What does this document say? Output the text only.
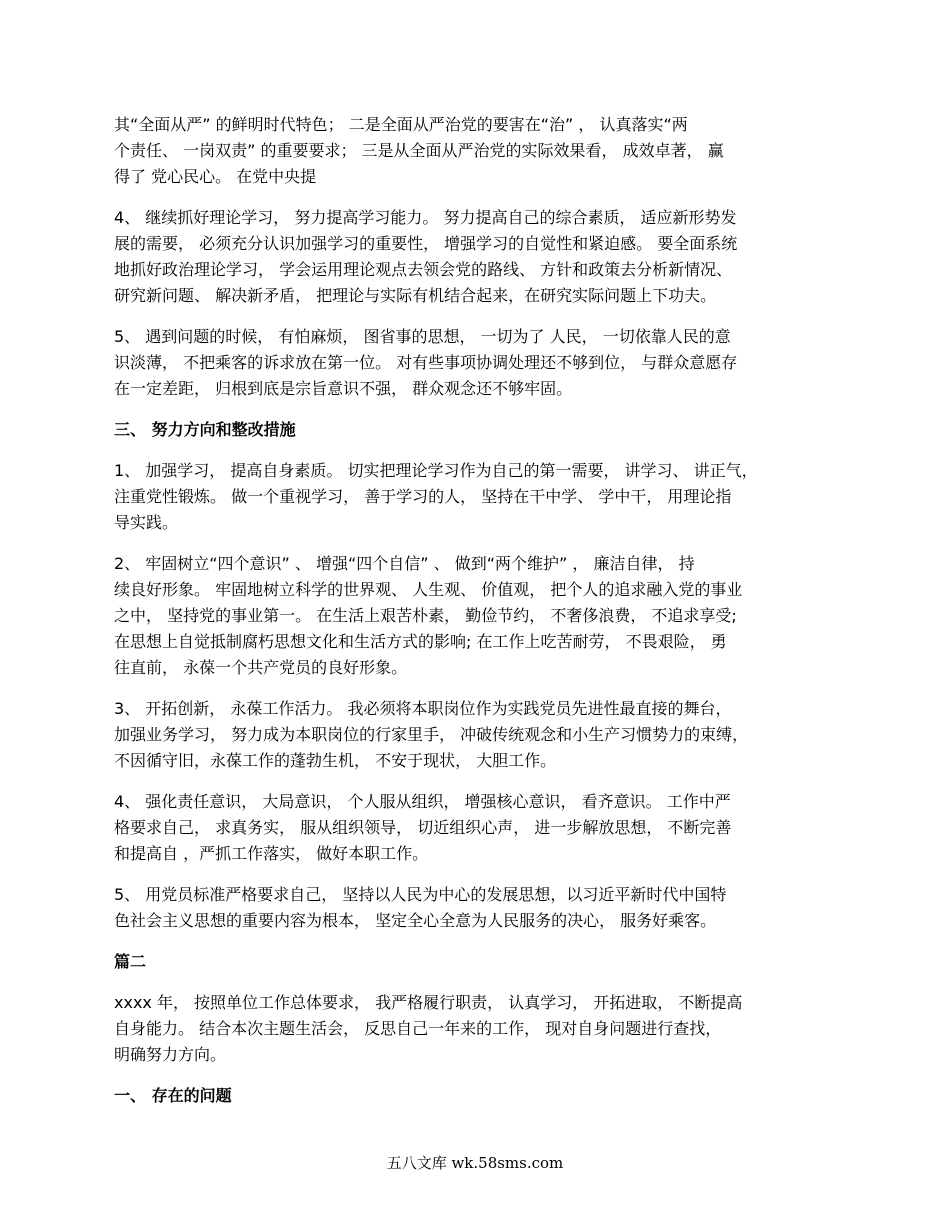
其“全面从严” 的鲜明时代特色； 二是全面从严治党的要害在“治” ， 认真落实“两
个责任、 一岗双责” 的重要要求； 三是从全面从严治党的实际效果看， 成效卓著， 赢
得了 党心民心。 在党中央提
4、 继续抓好理论学习， 努力提高学习能力。 努力提高自己的综合素质， 适应新形势发
展的需要， 必须充分认识加强学习的重要性， 增强学习的自觉性和紧迫感。 要全面系统
地抓好政治理论学习， 学会运用理论观点去领会党的路线、 方针和政策去分析新情况、
研究新问题、 解决新矛盾， 把理论与实际有机结合起来，在研究实际问题上下功夫。
5、 遇到问题的时候， 有怕麻烦， 图省事的思想， 一切为了 人民， 一切依靠人民的意
识淡薄， 不把乘客的诉求放在第一位。 对有些事项协调处理还不够到位， 与群众意愿存
在一定差距， 归根到底是宗旨意识不强， 群众观念还不够牢固。
三、 努力方向和整改措施
1、 加强学习， 提高自身素质。 切实把理论学习作为自己的第一需要， 讲学习、 讲正气，
注重党性锻炼。 做一个重视学习， 善于学习的人， 坚持在干中学、 学中干， 用理论指
导实践。
2、 牢固树立“四个意识” 、 增强“四个自信” 、 做到“两个维护” ， 廉洁自律， 持
续良好形象。 牢固地树立科学的世界观、 人生观、 价值观， 把个人的追求融入党的事业
之中， 坚持党的事业第一。 在生活上艰苦朴素， 勤俭节约， 不奢侈浪费， 不追求享受;
在思想上自觉抵制腐朽思想文化和生活方式的影响; 在工作上吃苦耐劳， 不畏艰险， 勇
往直前， 永葆一个共产党员的良好形象。
3、 开拓创新， 永葆工作活力。 我必须将本职岗位作为实践党员先进性最直接的舞台，
加强业务学习， 努力成为本职岗位的行家里手， 冲破传统观念和小生产习惯势力的束缚，
不因循守旧，永葆工作的蓬勃生机， 不安于现状， 大胆工作。
4、 强化责任意识， 大局意识， 个人服从组织， 增强核心意识， 看齐意识。 工作中严
格要求自己， 求真务实， 服从组织领导， 切近组织心声， 进一步解放思想， 不断完善
和提高自 ，严抓工作落实， 做好本职工作。
5、 用党员标准严格要求自己， 坚持以人民为中心的发展思想，以习近平新时代中国特
色社会主义思想的重要内容为根本， 坚定全心全意为人民服务的决心， 服务好乘客。
篇二
xxxx 年， 按照单位工作总体要求， 我严格履行职责， 认真学习， 开拓进取， 不断提高
自身能力。 结合本次主题生活会， 反思自己一年来的工作， 现对自身问题进行查找，
明确努力方向。
一、 存在的问题
五八文库 wk.58sms.com
